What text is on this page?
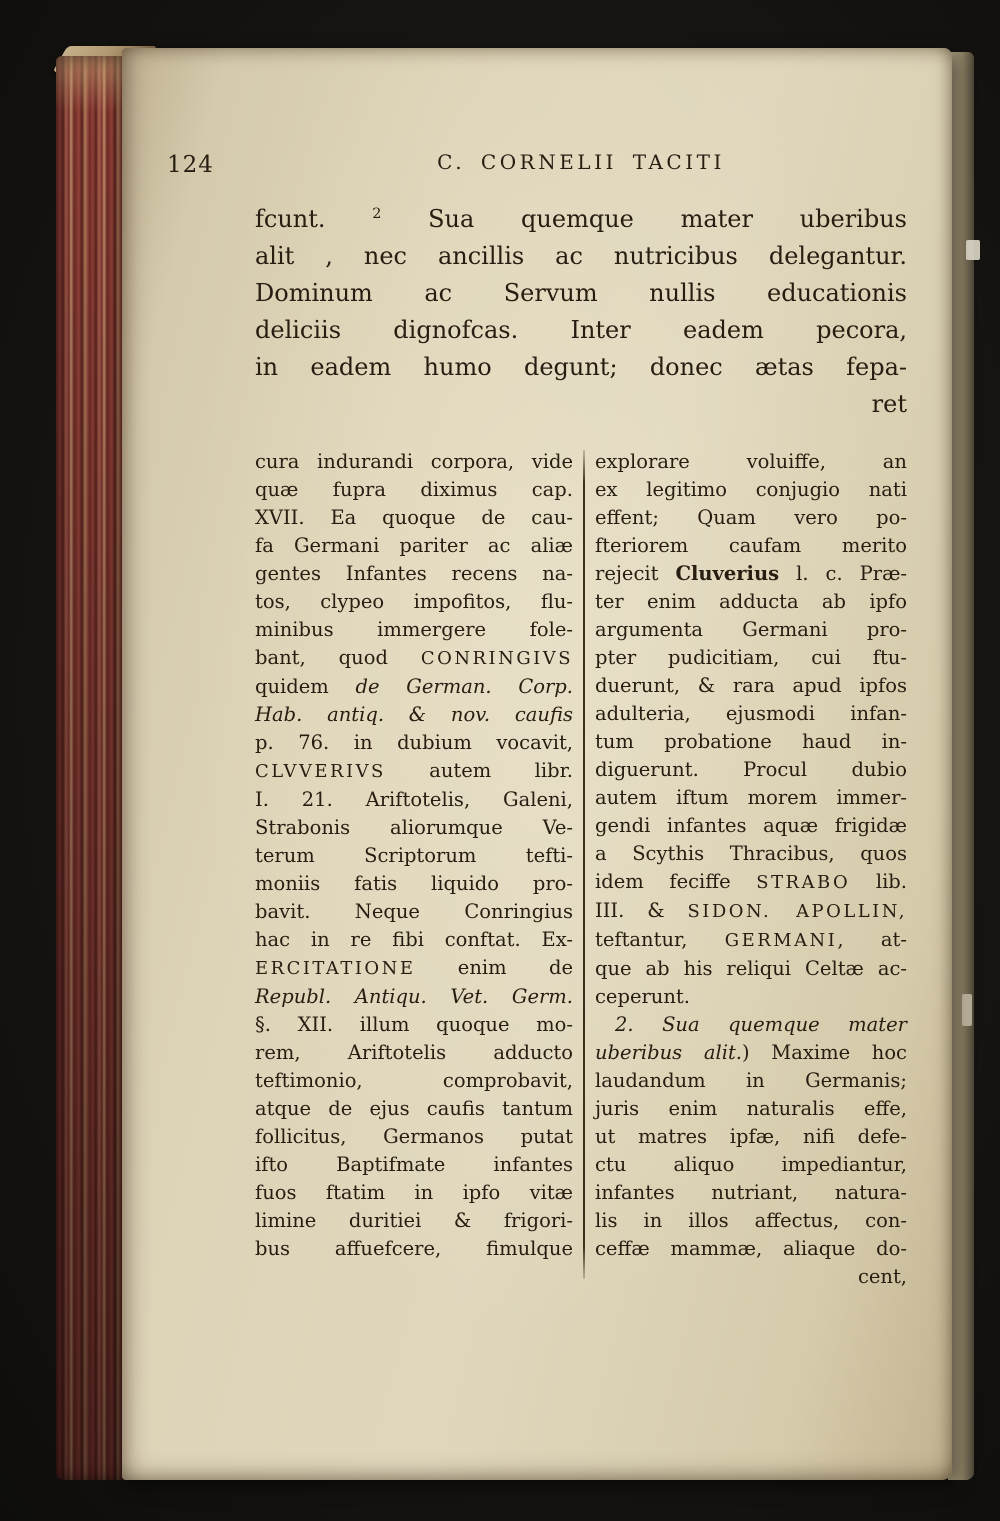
124	C. CORNELII TACITI
fcunt. $^2$ Sua quemque mater uberibus
alit , nec ancillis ac nutricibus delegantur.
Dominum ac Servum nullis educationis
deliciis dignofcas. Inter eadem pecora,
in eadem humo degunt; donec ætas fepa-
ret
cura indurandi corpora, vide
quæ fupra diximus cap.
XVII. Ea quoque de cau-
fa Germani pariter ac aliæ
gentes Infantes recens na-
tos, clypeo impofitos, flu-
minibus immergere fole-
bant, quod CONRINGIVS
quidem de German. Corp.
Hab. antiq. & nov. caufis
p. 76. in dubium vocavit,
CLVVERIVS autem libr.
I. 21. Ariftotelis, Galeni,
Strabonis aliorumque Ve-
terum Scriptorum tefti-
moniis fatis liquido pro-
bavit. Neque Conringius
hac in re fibi conftat. Ex-
ERCITATIONE enim de
Republ. Antiqu. Vet. Germ.
§. XII. illum quoque mo-
rem, Ariftotelis adducto
teftimonio, comprobavit,
atque de ejus caufis tantum
follicitus, Germanos putat
ifto Baptifmate infantes
fuos ftatim in ipfo vitæ
limine duritiei & frigori-
bus affuefcere, fimulque
explorare voluiffe, an
ex legitimo conjugio nati
effent; Quam vero po-
fteriorem caufam merito
rejecit Cluverius l. c. Præ-
ter enim adducta ab ipfo
argumenta Germani pro-
pter pudicitiam, cui ftu-
duerunt, & rara apud ipfos
adulteria, ejusmodi infan-
tum probatione haud in-
diguerunt. Procul dubio
autem iftum morem immer-
gendi infantes aquæ frigidæ
a Scythis Thracibus, quos
idem feciffe STRABO lib.
III. & SIDON. APOLLIN,
teftantur, GERMANI, at-
que ab his reliqui Celtæ ac-
ceperunt.
2. Sua quemque mater
uberibus alit.) Maxime hoc
laudandum in Germanis;
juris enim naturalis effe,
ut matres ipfæ, nifi defe-
ctu aliquo impediantur,
infantes nutriant, natura-
lis in illos affectus, con-
ceffæ mammæ, aliaque do-
cent,
